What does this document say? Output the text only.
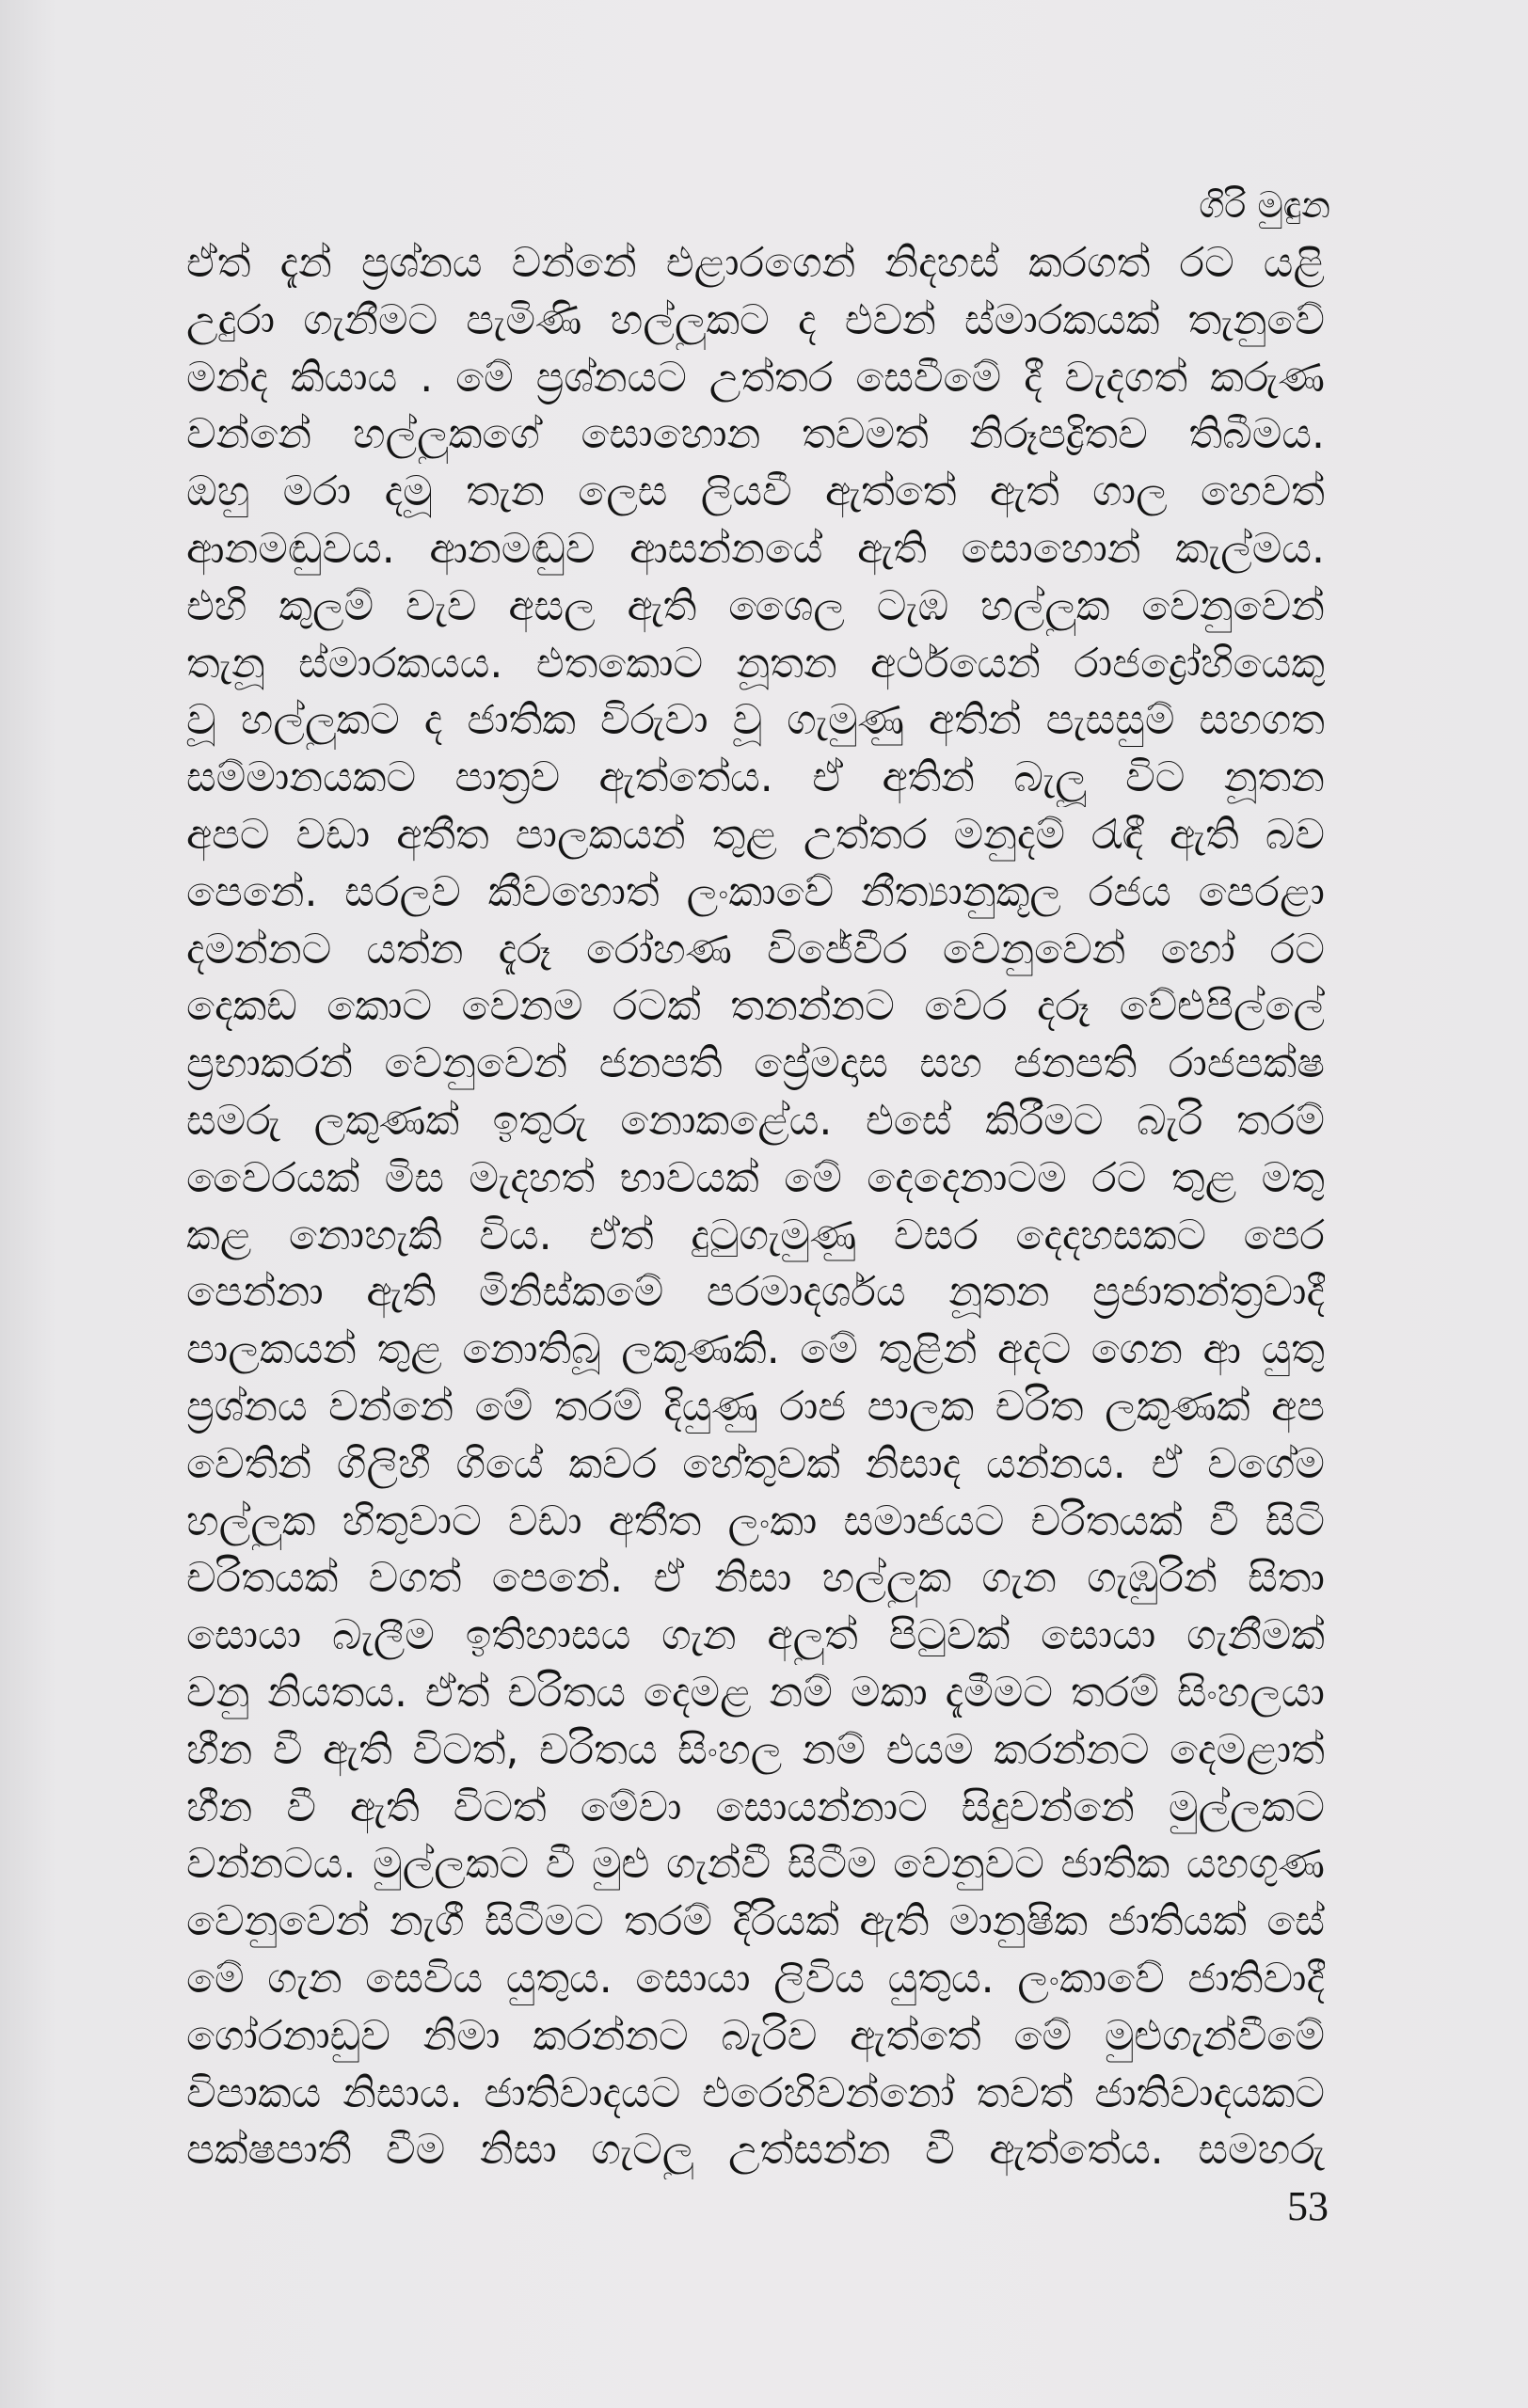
ගිරි මුඳුන
ඒත් දැන් ප්‍රශ්නය වන්නේ එළාරගෙන් නිදහස් කරගත් රට යළි
උදුරා ගැනීමට පැමිණි හල්ලුකට ද එවන් ස්මාරකයක් තැනුවේ
මන්ද කියාය . මේ ප්‍රශ්නයට උත්තර සෙවීමේ දී වැදගත් කරුණ
වන්නේ හල්ලුකගේ සොහොන තවමත් නිරූපද්‍රිතව තිබීමය.
ඔහු මරා දමූ තැන ලෙස ලියවී ඇත්තේ ඇත් ගාල හෙවත්
ආනමඬුවය. ආනමඬුව ආසන්නයේ ඇති සොහොන් කැල්මය.
එහි කුලම් වැව අසල ඇති ශෛල ටැඹ හල්ලුක වෙනුවෙන්
තැනූ ස්මාරකයය. එතකොට නූතන අර්ථයෙන් රාජද්‍රෝහියෙකු
වූ හල්ලුකට ද ජාතික විරුවා වූ ගැමුණු අතින් පැසසුම් සහගත
සම්මානයකට පාත්‍රව ඇත්තේය. ඒ අතින් බැලූ විට නූතන
අපට වඩා අතීත පාලකයන් තුළ උත්තර මනුදම් රැඳී ඇති බව
පෙනේ. සරලව කීවහොත් ලංකාවේ නීත්‍යානුකූල රජය පෙරළා
දමන්නට යත්න දැරූ රෝහණ විජේවීර වෙනුවෙන් හෝ රට
දෙකඩ කොට වෙනම රටක් තනන්නට වෙර දරූ වේළුපිල්ලේ
ප්‍රභාකරන් වෙනුවෙන් ජනපති ප්‍රේමදාස සහ ජනපති රාජපක්ෂ
සමරු ලකුණක් ඉතුරු නොකළේය. එසේ කිරීමට බැරි තරම්
වෛරයක් මිස මැදහත් භාවයක් මේ දෙදෙනාටම රට තුළ මතු
කළ නොහැකි විය. ඒත් දුටුගැමුණු වසර දෙදහසකට පෙර
පෙන්නා ඇති මිනිස්කමේ පරමාදර්ශය නූතන ප්‍රජාතන්ත්‍රවාදී
පාලකයන් තුළ නොතිබූ ලකුණකි. මේ තුළින් අදට ගෙන ආ යුතු
ප්‍රශ්නය වන්නේ මේ තරම් දියුණු රාජ පාලක චරිත ලකුණක් අප
වෙතින් ගිලිහී ගියේ කවර හේතුවක් නිසාද යන්නය. ඒ වගේම
හල්ලුක හිතුවාට වඩා අතීත ලංකා සමාජයට චරිතයක් වී සිටි
චරිතයක් වගත් පෙනේ. ඒ නිසා හල්ලුක ගැන ගැඹුරින් සිතා
සොයා බැලීම ඉතිහාසය ගැන අලුත් පිටුවක් සොයා ගැනීමක්
වනු නියතය. ඒත් චරිතය දෙමළ නම් මකා දැමීමට තරම් සිංහලයා
හීන වී ඇති විටත්, චරිතය සිංහල නම් එයම කරන්නට දෙමළාත්
හීන වී ඇති විටත් මේවා සොයන්නාට සිදුවන්නේ මුල්ලකට
වන්නටය. මුල්ලකට වී මුළු ගැන්වී සිටීම වෙනුවට ජාතික යහගුණ
වෙනුවෙන් නැගී සිටීමට තරම් දිරියක් ඇති මානුෂික ජාතියක් සේ
මේ ගැන සෙවිය යුතුය. සොයා ලිවිය යුතුය. ලංකාවේ ජාතිවාදී
ගෝරනාඩුව නිමා කරන්නට බැරිව ඇත්තේ මේ මුළුගැන්වීමේ
විපාකය නිසාය. ජාතිවාදයට එරෙහිවන්නෝ තවත් ජාතිවාදයකට
පක්ෂපාතී වීම නිසා ගැටලු උත්සන්න වී ඇත්තේය. සමහරු
53
